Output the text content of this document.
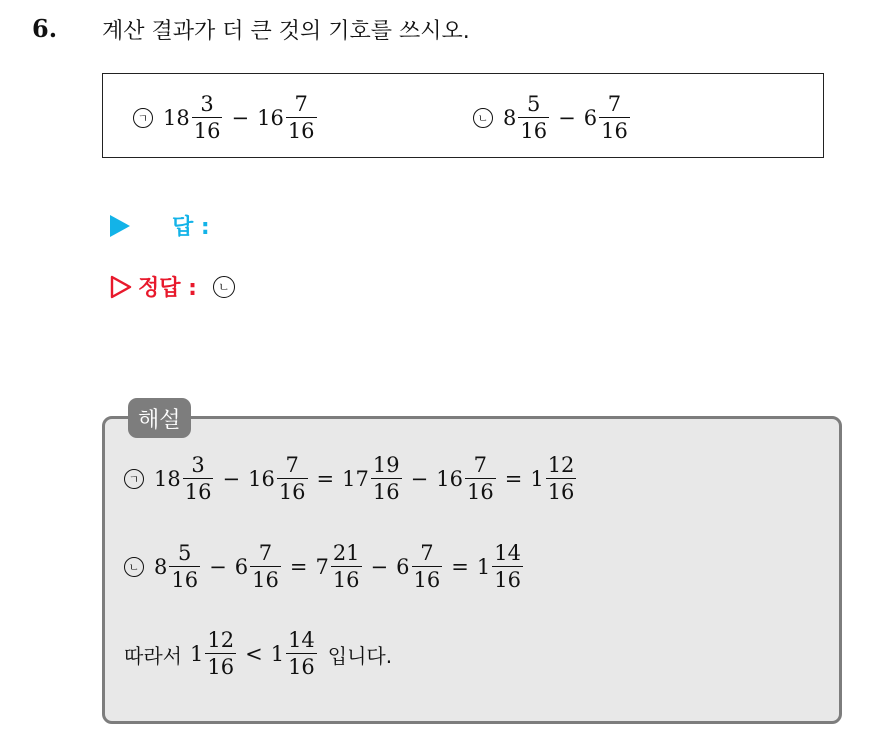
6. 계산 결과가 더 큰 것의 기호를 쓰시오.
ㄱ $18 \frac{3}{16} - 16 \frac{7}{16}$	ㄴ $8 \frac{5}{16} - 6 \frac{7}{16}$
답 :
정답 :	ㄴ
해설
ㄱ $18 \frac{3}{16} - 16 \frac{7}{16} = 17 \frac{19}{16} - 16 \frac{7}{16} = 1 \frac{12}{16}$
ㄴ $8 \frac{5}{16} - 6 \frac{7}{16} = 7 \frac{21}{16} - 6 \frac{7}{16} = 1 \frac{14}{16}$
따라서 $1 \frac{12}{16} < 1 \frac{14}{16}$ 입니다.
